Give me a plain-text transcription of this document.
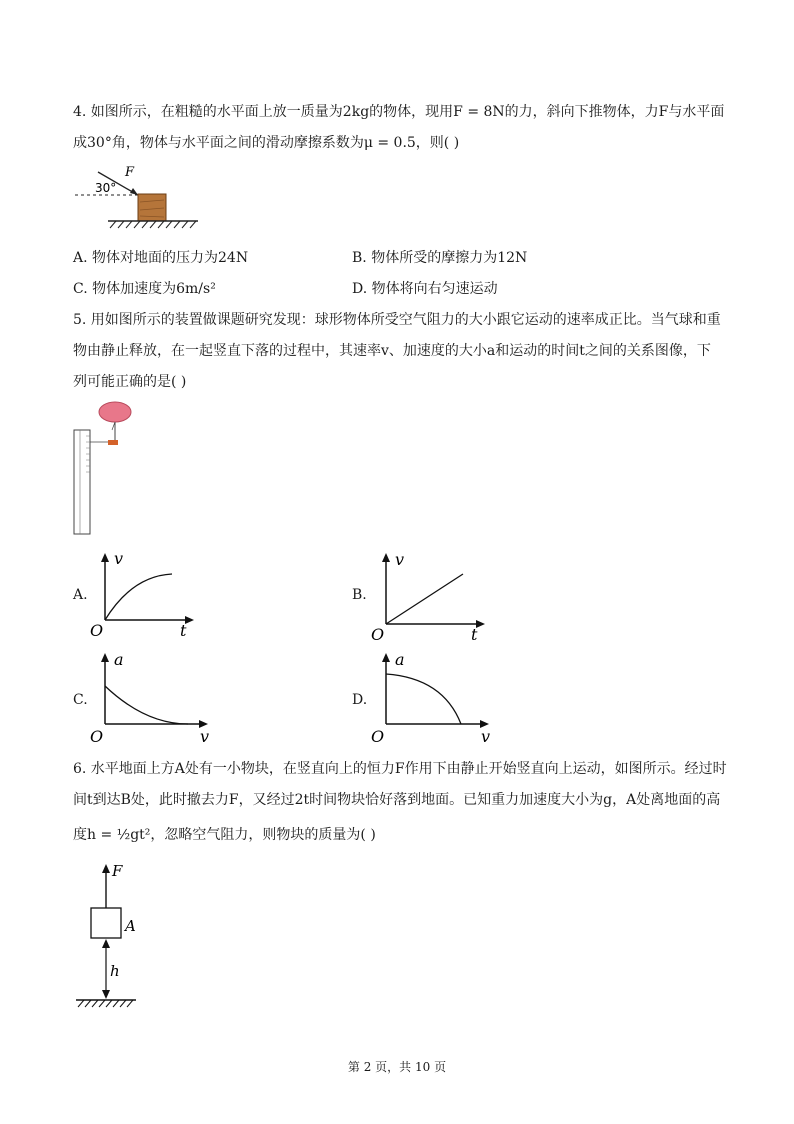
4. 如图所示，在粗糙的水平面上放一质量为2kg的物体，现用F = 8N的力，斜向下推物体，力F与水平面
成30°角，物体与水平面之间的滑动摩擦系数为μ = 0.5，则( )
F
30°
A. 物体对地面的压力为24N	B. 物体所受的摩擦力为12N
C. 物体加速度为6m/s²	D. 物体将向右匀速运动
5. 用如图所示的装置做课题研究发现：球形物体所受空气阻力的大小跟它运动的速率成正比。当气球和重
物由静止释放，在一起竖直下落的过程中，其速率v、加速度的大小a和运动的时间t之间的关系图像，下
列可能正确的是( )
A.
v
t
O
B.
v
t
O
C.
a
v
O
D.
a
v
O
6. 水平地面上方A处有一小物块，在竖直向上的恒力F作用下由静止开始竖直向上运动，如图所示。经过时
间t到达B处，此时撤去力F，又经过2t时间物块恰好落到地面。已知重力加速度大小为g，A处离地面的高
度h = ½gt²，忽略空气阻力，则物块的质量为( )
F
A
h
第 2 页，共 10 页
